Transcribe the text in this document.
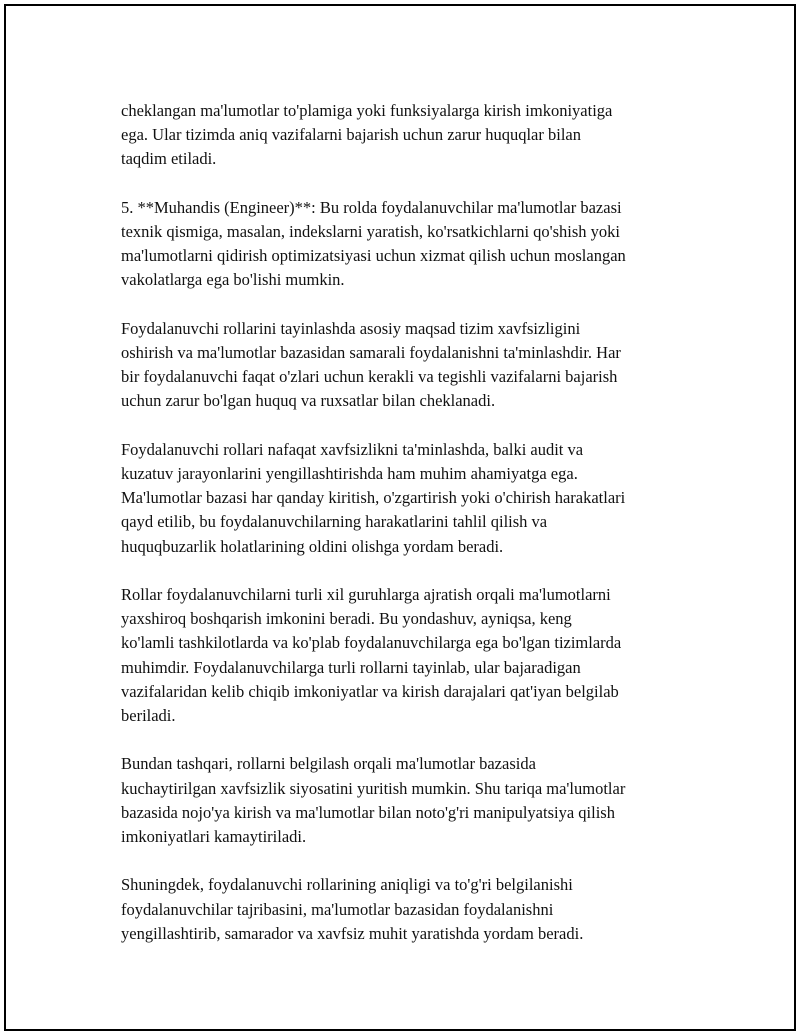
cheklangan ma'lumotlar to'plamiga yoki funksiyalarga kirish imkoniyatiga
ega. Ular tizimda aniq vazifalarni bajarish uchun zarur huquqlar bilan
taqdim etiladi.

5. **Muhandis (Engineer)**: Bu rolda foydalanuvchilar ma'lumotlar bazasi
texnik qismiga, masalan, indekslarni yaratish, ko'rsatkichlarni qo'shish yoki
ma'lumotlarni qidirish optimizatsiyasi uchun xizmat qilish uchun moslangan
vakolatlarga ega bo'lishi mumkin.

Foydalanuvchi rollarini tayinlashda asosiy maqsad tizim xavfsizligini
oshirish va ma'lumotlar bazasidan samarali foydalanishni ta'minlashdir. Har
bir foydalanuvchi faqat o'zlari uchun kerakli va tegishli vazifalarni bajarish
uchun zarur bo'lgan huquq va ruxsatlar bilan cheklanadi.

Foydalanuvchi rollari nafaqat xavfsizlikni ta'minlashda, balki audit va
kuzatuv jarayonlarini yengillashtirishda ham muhim ahamiyatga ega.
Ma'lumotlar bazasi har qanday kiritish, o'zgartirish yoki o'chirish harakatlari
qayd etilib, bu foydalanuvchilarning harakatlarini tahlil qilish va
huquqbuzarlik holatlarining oldini olishga yordam beradi.

Rollar foydalanuvchilarni turli xil guruhlarga ajratish orqali ma'lumotlarni
yaxshiroq boshqarish imkonini beradi. Bu yondashuv, ayniqsa, keng
ko'lamli tashkilotlarda va ko'plab foydalanuvchilarga ega bo'lgan tizimlarda
muhimdir. Foydalanuvchilarga turli rollarni tayinlab, ular bajaradigan
vazifalaridan kelib chiqib imkoniyatlar va kirish darajalari qat'iyan belgilab
beriladi.

Bundan tashqari, rollarni belgilash orqali ma'lumotlar bazasida
kuchaytirilgan xavfsizlik siyosatini yuritish mumkin. Shu tariqa ma'lumotlar
bazasida nojo'ya kirish va ma'lumotlar bilan noto'g'ri manipulyatsiya qilish
imkoniyatlari kamaytiriladi.

Shuningdek, foydalanuvchi rollarining aniqligi va to'g'ri belgilanishi
foydalanuvchilar tajribasini, ma'lumotlar bazasidan foydalanishni
yengillashtirib, samarador va xavfsiz muhit yaratishda yordam beradi.
